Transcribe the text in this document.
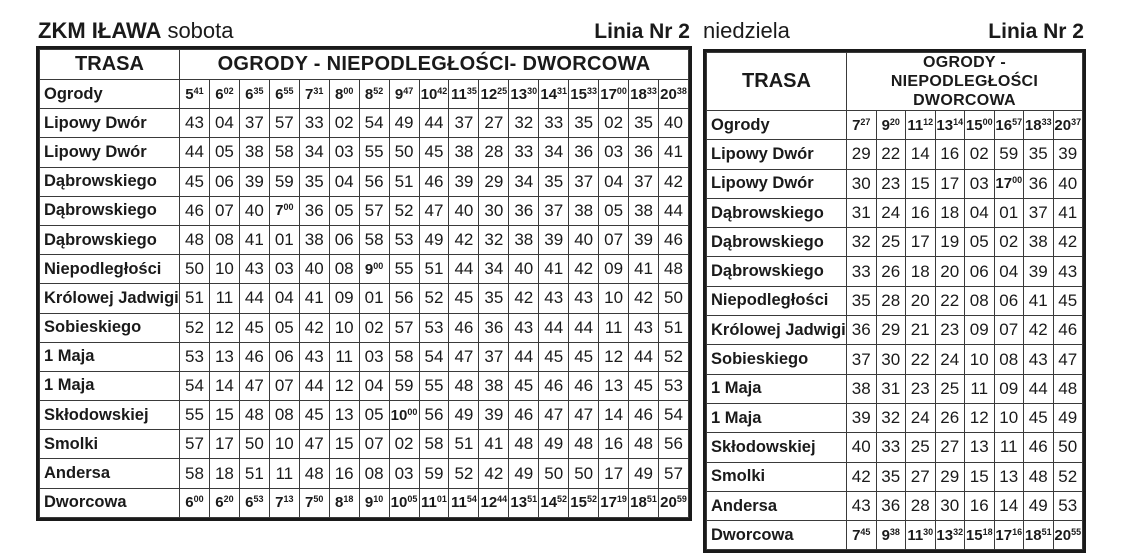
ZKM IŁAWA sobota	Linia Nr 2
TRASA	OGRODY - NIEPODLEGŁOŚCI- DWORCOWA																
Ogrody	$5^{41}$	$6^{02}$	$6^{35}$	$6^{55}$	$7^{31}$	$8^{00}$	$8^{52}$	$9^{47}$	$10^{42}$	$11^{35}$	$12^{25}$	$13^{30}$	$14^{31}$	$15^{33}$	$17^{00}$	$18^{33}$	$20^{38}$
Lipowy Dwór	43	04	37	57	33	02	54	49	44	37	27	32	33	35	02	35	40
Lipowy Dwór	44	05	38	58	34	03	55	50	45	38	28	33	34	36	03	36	41
Dąbrowskiego	45	06	39	59	35	04	56	51	46	39	29	34	35	37	04	37	42
Dąbrowskiego	46	07	40	$7^{00}$	36	05	57	52	47	40	30	36	37	38	05	38	44
Dąbrowskiego	48	08	41	01	38	06	58	53	49	42	32	38	39	40	07	39	46
Niepodległości	50	10	43	03	40	08	$9^{00}$	55	51	44	34	40	41	42	09	41	48
Królowej Jadwigi	51	11	44	04	41	09	01	56	52	45	35	42	43	43	10	42	50
Sobieskiego	52	12	45	05	42	10	02	57	53	46	36	43	44	44	11	43	51
1 Maja	53	13	46	06	43	11	03	58	54	47	37	44	45	45	12	44	52
1 Maja	54	14	47	07	44	12	04	59	55	48	38	45	46	46	13	45	53
Skłodowskiej	55	15	48	08	45	13	05	$10^{00}$	56	49	39	46	47	47	14	46	54
Smolki	57	17	50	10	47	15	07	02	58	51	41	48	49	48	16	48	56
Andersa	58	18	51	11	48	16	08	03	59	52	42	49	50	50	17	49	57
Dworcowa	$6^{00}$	$6^{20}$	$6^{53}$	$7^{13}$	$7^{50}$	$8^{18}$	$9^{10}$	$10^{05}$	$11^{01}$	$11^{54}$	$12^{44}$	$13^{51}$	$14^{52}$	$15^{52}$	$17^{19}$	$18^{51}$	$20^{59}$
niedziela	Linia Nr 2
TRASA	OGRODY - NIEPODLEGŁOŚCI
DWORCOWA							
Ogrody	$7^{27}$	$9^{20}$	$11^{12}$	$13^{14}$	$15^{00}$	$16^{57}$	$18^{33}$	$20^{37}$
Lipowy Dwór	29	22	14	16	02	59	35	39
Lipowy Dwór	30	23	15	17	03	$17^{00}$	36	40
Dąbrowskiego	31	24	16	18	04	01	37	41
Dąbrowskiego	32	25	17	19	05	02	38	42
Dąbrowskiego	33	26	18	20	06	04	39	43
Niepodległości	35	28	20	22	08	06	41	45
Królowej Jadwigi	36	29	21	23	09	07	42	46
Sobieskiego	37	30	22	24	10	08	43	47
1 Maja	38	31	23	25	11	09	44	48
1 Maja	39	32	24	26	12	10	45	49
Skłodowskiej	40	33	25	27	13	11	46	50
Smolki	42	35	27	29	15	13	48	52
Andersa	43	36	28	30	16	14	49	53
Dworcowa	$7^{45}$	$9^{38}$	$11^{30}$	$13^{32}$	$15^{18}$	$17^{16}$	$18^{51}$	$20^{55}$
